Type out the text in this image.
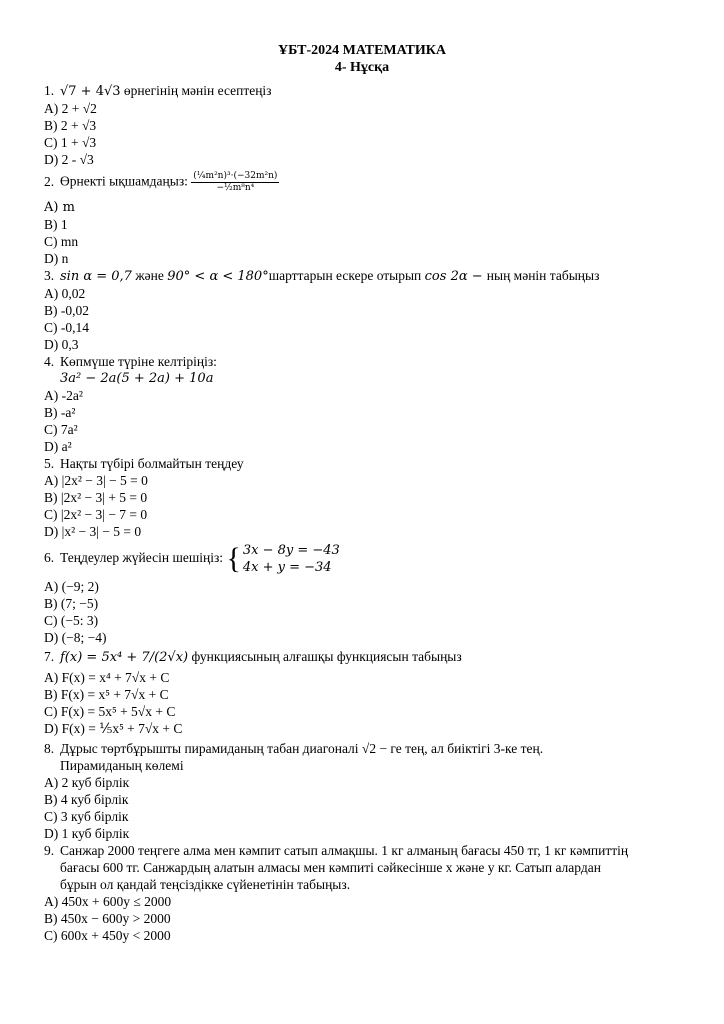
ҰБТ-2024 МАТЕМАТИКА
4- Нұсқа
1. √7 + 4√3 өрнегінің мәнін есептеңіз
A) 2 + √2
B) 2 + √3
C) 1 + √3
D) 2 - √3
2. Өрнекті ықшамдаңыз: $\frac{\text{(¼m²n)³·(−32m²n)}}{\text{−½m⁸n⁴}}$
A) m
B) 1
C) mn
D) n
3. sin α = 0,7 және 90° < α < 180°шарттарын ескере отырып cos 2α − ның мәнін табыңыз
A) 0,02
B) -0,02
C) -0,14
D) 0,3
4. Көпмүше түріне келтіріңіз:
3a² − 2a(5 + 2a) + 10a
A) -2a²
B) -a²
C) 7a²
D) a²
5. Нақты түбірі болмайтын теңдеу
A) |2x² − 3| − 5 = 0
B) |2x² − 3| + 5 = 0
C) |2x² − 3| − 7 = 0
D) |x² − 3| − 5 = 0
6. Теңдеулер жүйесін шешіңіз: { 3x − 8y = −43
4x + y = −34
A) (−9; 2)
B) (7; −5)
C) (−5: 3)
D) (−8; −4)
7. f(x) = 5x⁴ + 7/(2√x) функциясының алғашқы функциясын табыңыз
A) F(x) = x⁴ + 7√x + C
B) F(x) = x⁵ + 7√x + C
C) F(x) = 5x⁵ + 5√x + C
D) F(x) = ⅕x⁵ + 7√x + C
8. Дұрыс төртбұрышты пирамиданың табан диагоналі √2 − ге тең, ал биіктігі 3-ке тең.
Пирамиданың көлемі
A) 2 куб бірлік
B) 4 куб бірлік
C) 3 куб бірлік
D) 1 куб бірлік
9. Санжар 2000 теңгеге алма мен кәмпит сатып алмақшы. 1 кг алманың бағасы 450 тг, 1 кг кәмпиттің
бағасы 600 тг. Санжардың алатын алмасы мен кәмпиті сәйкесінше x және y кг. Сатып алардан
бұрын ол қандай теңсіздікке сүйенетінін табыңыз.
A) 450x + 600y ≤ 2000
B) 450x − 600y > 2000
C) 600x + 450y < 2000
